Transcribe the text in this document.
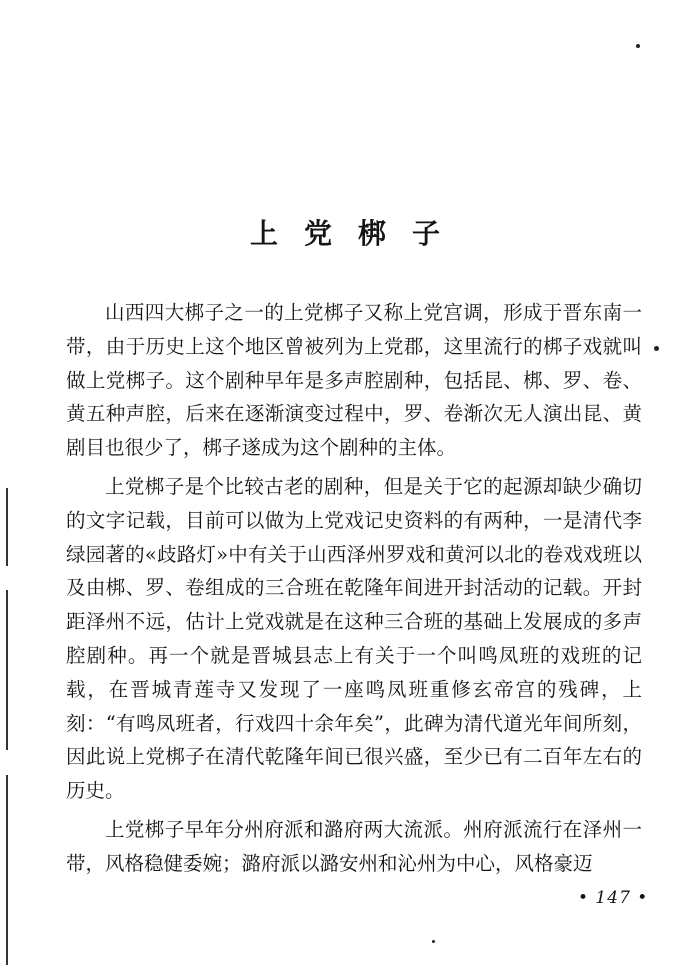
上党梆子

山西四大梆子之一的上党梆子又称上党宫调，形成于晋东南一带，由于历史上这个地区曾被列为上党郡，这里流行的梆子戏就叫做上党梆子。这个剧种早年是多声腔剧种，包括昆、梆、罗、卷、黄五种声腔，后来在逐渐演变过程中，罗、卷渐次无人演出昆、黄剧目也很少了，梆子遂成为这个剧种的主体。

上党梆子是个比较古老的剧种，但是关于它的起源却缺少确切的文字记载，目前可以做为上党戏记史资料的有两种，一是清代李绿园著的«歧路灯»中有关于山西泽州罗戏和黄河以北的卷戏戏班以及由梆、罗、卷组成的三合班在乾隆年间进开封活动的记载。开封距泽州不远，估计上党戏就是在这种三合班的基础上发展成的多声腔剧种。再一个就是晋城县志上有关于一个叫鸣凤班的戏班的记载，在晋城青莲寺又发现了一座鸣凤班重修玄帝宫的残碑，上刻：“有鸣凤班者，行戏四十余年矣”，此碑为清代道光年间所刻，因此说上党梆子在清代乾隆年间已很兴盛，至少已有二百年左右的历史。

上党梆子早年分州府派和潞府两大流派。州府派流行在泽州一带，风格稳健委婉；潞府派以潞安州和沁州为中心，风格豪迈

• 147 •
